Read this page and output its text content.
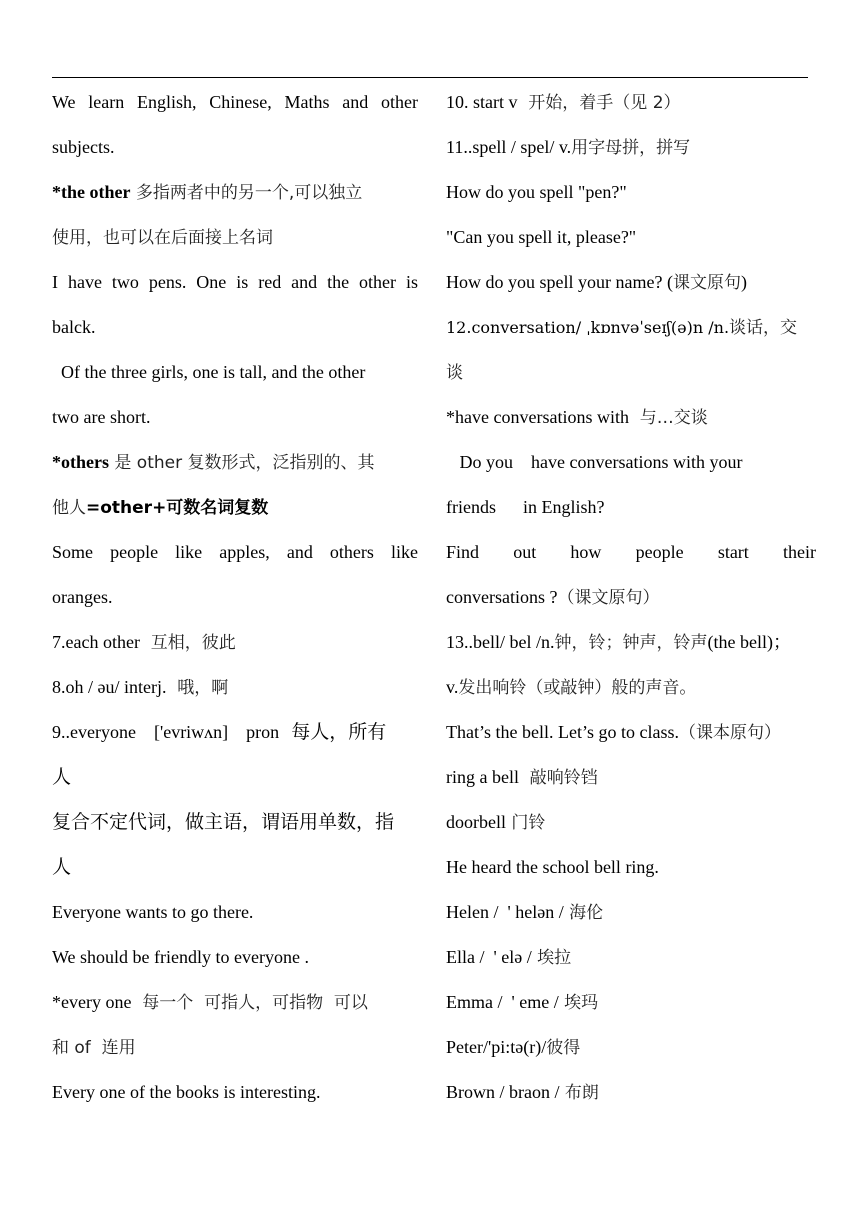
We learn English, Chinese, Maths and other
subjects.
*the other 多指两者中的另一个,可以独立
使用，也可以在后面接上名词
I have two pens. One is red and the other is
balck.
Of the three girls, one is tall, and the other
two are short.
*others 是 other 复数形式，泛指别的、其
他人=other+可数名词复数
Some people like apples, and others like
oranges.
7.each other  互相，彼此
8.oh / əu/ interj.  哦，啊
9..everyone    ['evriwʌn]    pron  每人，所有
人
复合不定代词，做主语，谓语用单数，指
人
Everyone wants to go there.
We should be friendly to everyone .
*every one  每一个  可指人，可指物  可以
和 of  连用
Every one of the books is interesting.
10. start v  开始，着手（见 2）
11..spell / spel/ v.用字母拼，拼写
How do you spell "pen?"
"Can you spell it, please?"
How do you spell your name? (课文原句)
12.conversation/ ˌkɒnvəˈseɪʃ(ə)n /n.谈话，交
谈
*have conversations with  与…交谈
Do you    have conversations with your
friends      in English?
Find out how people start their
conversations ?（课文原句）
13..bell/ bel /n.钟，铃；钟声，铃声(the bell)；
v.发出响铃（或敲钟）般的声音。
That’s the bell. Let’s go to class.（课本原句）
ring a bell  敲响铃铛
doorbell 门铃
He heard the school bell ring.
Helen /  ' helən / 海伦
Ella /  ' elə / 埃拉
Emma /  ' eme / 埃玛
Peter/'pi:tə(r)/彼得
Brown / braon / 布朗
